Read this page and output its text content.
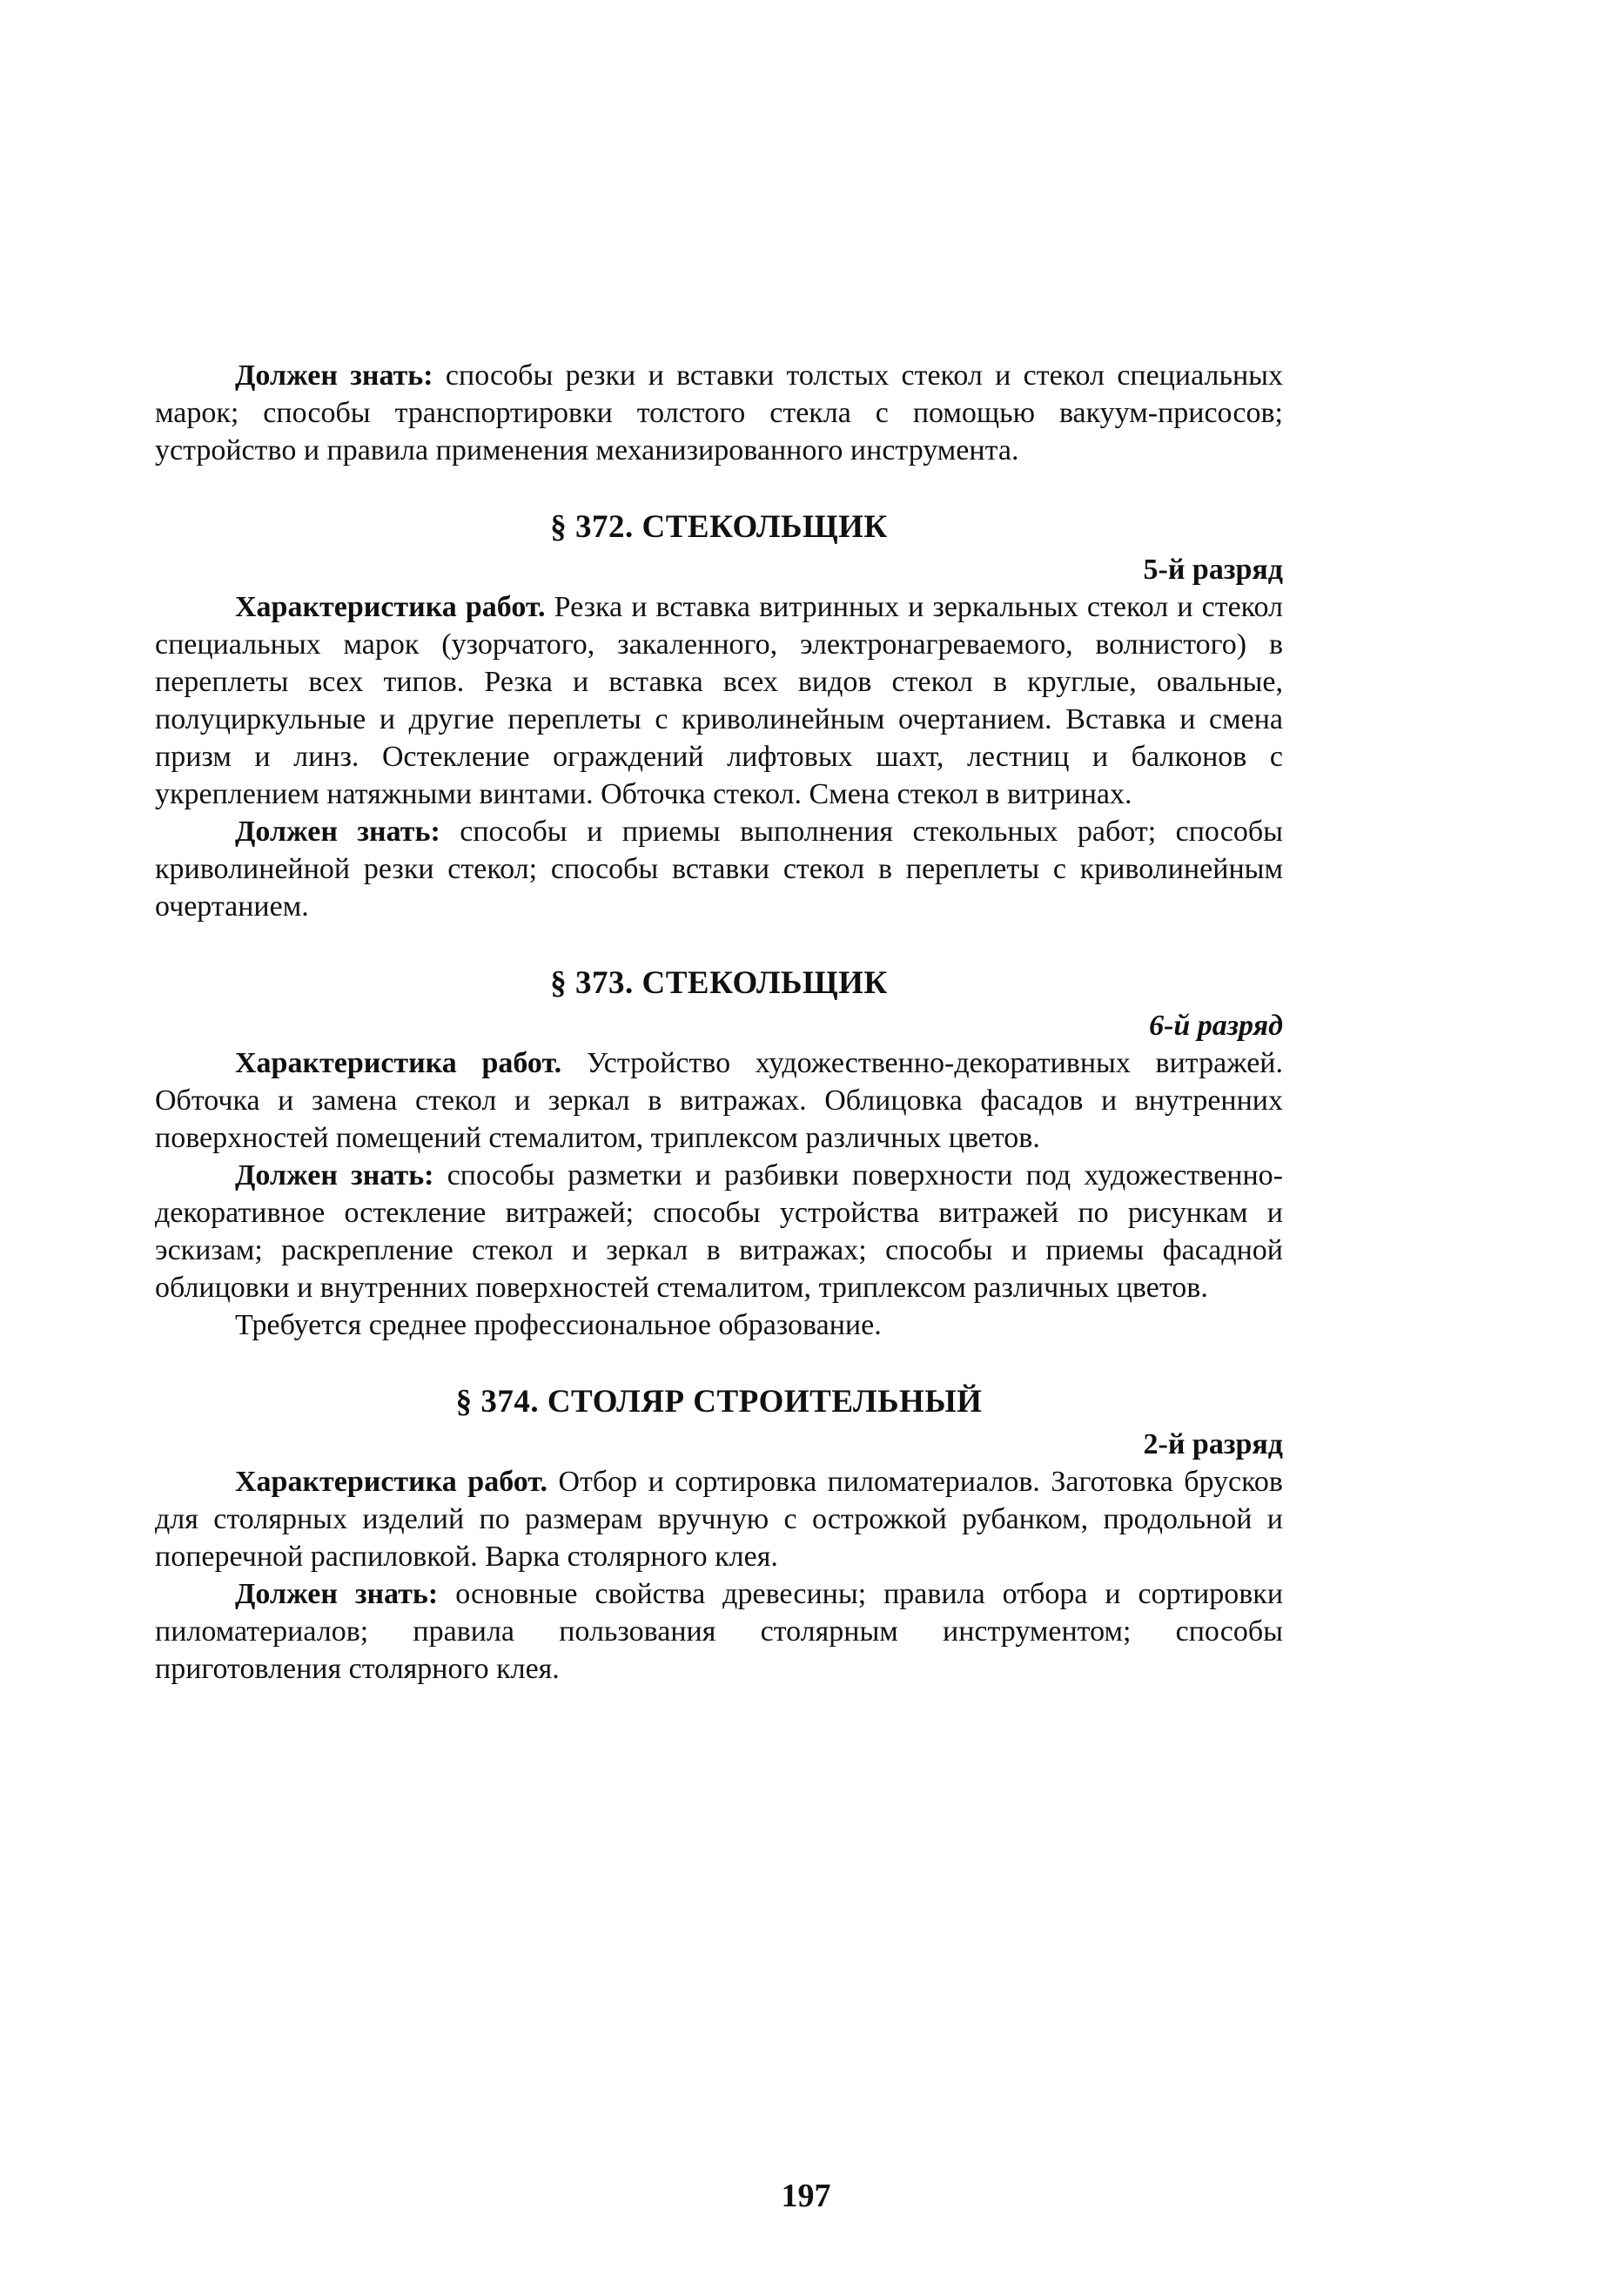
Должен знать: способы резки и вставки толстых стекол и стекол специальных марок; способы транспортировки толстого стекла с помощью вакуум-присосов; устройство и правила применения механизированного инструмента.

§ 372. СТЕКОЛЬЩИК
5-й разряд

Характеристика работ. Резка и вставка витринных и зеркальных стекол и стекол специальных марок (узорчатого, закаленного, электронагреваемого, волнистого) в переплеты всех типов. Резка и вставка всех видов стекол в круглые, овальные, полуциркульные и другие переплеты с криволинейным очертанием. Вставка и смена призм и линз. Остекление ограждений лифтовых шахт, лестниц и балконов с укреплением натяжными винтами. Обточка стекол. Смена стекол в витринах.

Должен знать: способы и приемы выполнения стекольных работ; способы криволинейной резки стекол; способы вставки стекол в переплеты с криволинейным очертанием.

§ 373. СТЕКОЛЬЩИК
6-й разряд

Характеристика работ. Устройство художественно-декоративных витражей. Обточка и замена стекол и зеркал в витражах. Облицовка фасадов и внутренних поверхностей помещений стемалитом, триплексом различных цветов.

Должен знать: способы разметки и разбивки поверхности под художественно-декоративное остекление витражей; способы устройства витражей по рисункам и эскизам; раскрепление стекол и зеркал в витражах; способы и приемы фасадной облицовки и внутренних поверхностей стемалитом, триплексом различных цветов.

Требуется среднее профессиональное образование.

§ 374. СТОЛЯР СТРОИТЕЛЬНЫЙ
2-й разряд

Характеристика работ. Отбор и сортировка пиломатериалов. Заготовка брусков для столярных изделий по размерам вручную с острожкой рубанком, продольной и поперечной распиловкой. Варка столярного клея.

Должен знать: основные свойства древесины; правила отбора и сортировки пиломатериалов; правила пользования столярным инструментом; способы приготовления столярного клея.

197
